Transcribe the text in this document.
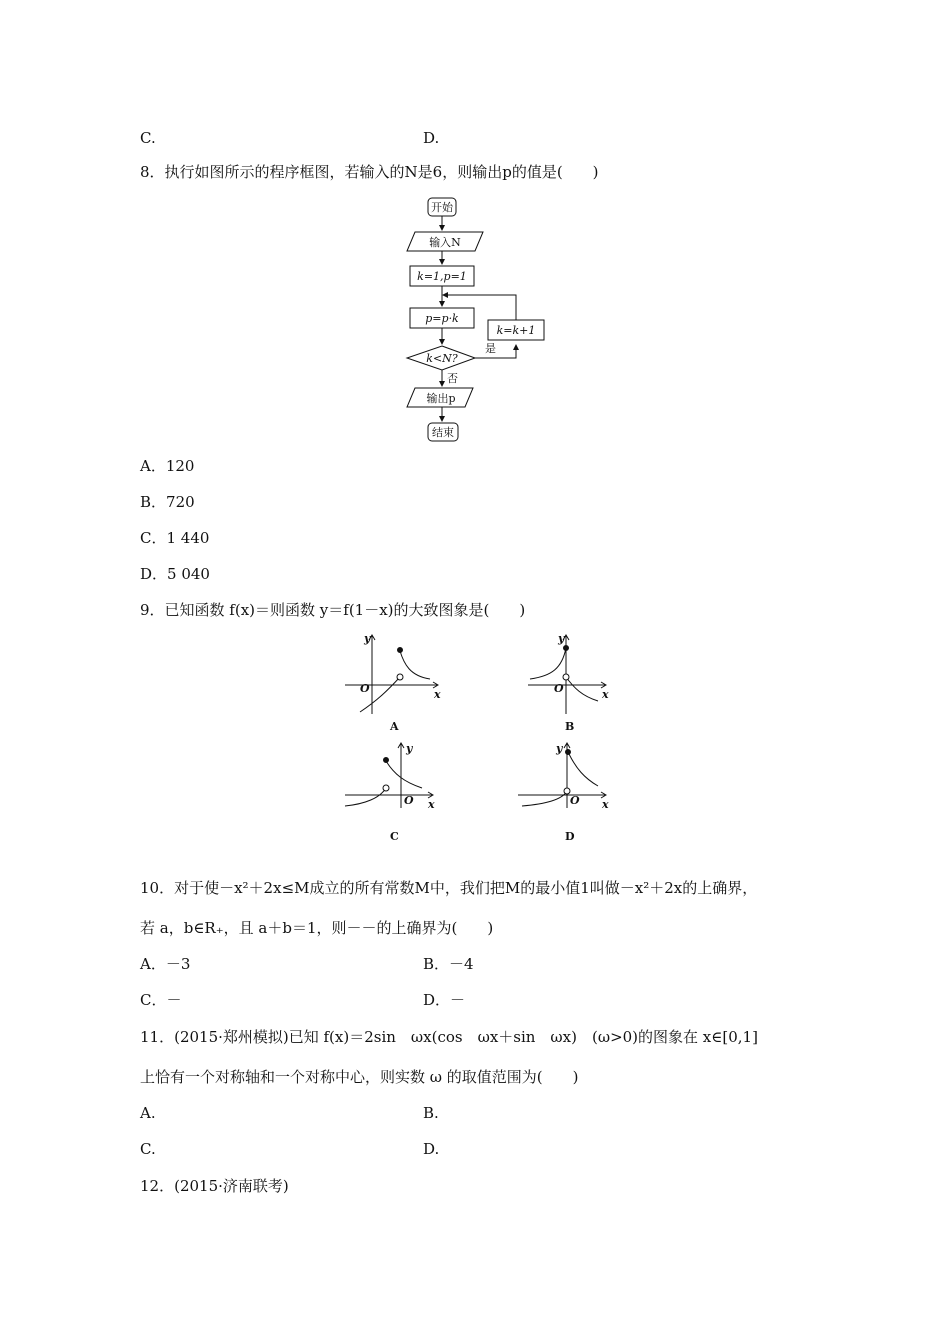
C.	D.
8．执行如图所示的程序框图，若输入的N是6，则输出p的值是(　　)
开始
输入N
k=1,p=1
p=p·k
k<N?
k=k+1
是
否
输出p
结束
A．120
B．720
C．1 440
D．5 040
9．已知函数 f(x)＝则函数 y＝f(1－x)的大致图象是(　　)
y
x
O
y
x
O
y
x
O
y
x
O
A	B
C	D
10．对于使－x²＋2x≤M成立的所有常数M中，我们把M的最小值1叫做－x²＋2x的上确界，
若 a，b∈R₊，且 a＋b＝1，则－－的上确界为(　　)
A．－3	B．－4
C．－	D．－
11．(2015·郑州模拟)已知 f(x)＝2sin　ωx(cos　ωx＋sin　ωx)　(ω>0)的图象在 x∈[0,1]
上恰有一个对称轴和一个对称中心，则实数 ω 的取值范围为(　　)
A.	B.
C.	D.
12．(2015·济南联考)
